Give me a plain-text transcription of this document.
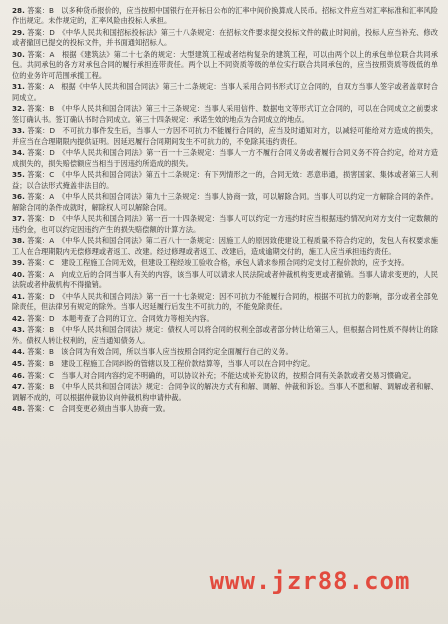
28. 答案：B　以多种货币报价的，应当按照中国银行在开标日公布的汇率中间价换算成人民币。招标文件应当对汇率标准和汇率风险作出规定。未作规定的，汇率风险由投标人承担。

29. 答案：D　《中华人民共和国招标投标法》第三十八条规定：在招标文件要求提交投标文件的截止时间前，投标人应当补充、修改或者撤回已提交的投标文件，并书面通知招标人。

30. 答案：A　根据《建筑法》第二十七条的规定：大型建筑工程或者结构复杂的建筑工程，可以由两个以上的承包单位联合共同承包。共同承包的各方对承包合同的履行承担连带责任。两个以上不同资质等级的单位实行联合共同承包的，应当按照资质等级低的单位的业务许可范围承揽工程。

31. 答案：A　根据《中华人民共和国合同法》第三十二条规定：当事人采用合同书形式订立合同的，自双方当事人签字或者盖章时合同成立。

32. 答案：B　《中华人民共和国合同法》第三十三条规定：当事人采用信件、数据电文等形式订立合同的，可以在合同成立之前要求签订确认书。签订确认书时合同成立。第三十四条规定：承诺生效的地点为合同成立的地点。

33. 答案：D　不可抗力事件发生后，当事人一方因不可抗力不能履行合同的，应当及时通知对方，以减轻可能给对方造成的损失，并应当在合理期限内提供证明。因延迟履行合同期间发生不可抗力的，不免除其违约责任。

34. 答案：D　《中华人民共和国合同法》第一百一十三条规定：当事人一方不履行合同义务或者履行合同义务不符合约定，给对方造成损失的，损失赔偿额应当相当于因违约所造成的损失。

35. 答案：C　《中华人民共和国合同法》第五十二条规定：有下列情形之一的，合同无效：恶意串通，损害国家、集体或者第三人利益；以合法形式掩盖非法目的。

36. 答案：A　《中华人民共和国合同法》第九十三条规定：当事人协商一致，可以解除合同。当事人可以约定一方解除合同的条件。解除合同的条件成就时，解除权人可以解除合同。

37. 答案：D　《中华人民共和国合同法》第一百一十四条规定：当事人可以约定一方违约时应当根据违约情况向对方支付一定数额的违约金，也可以约定因违约产生的损失赔偿额的计算方法。

38. 答案：A　《中华人民共和国合同法》第二百八十一条规定：因施工人的原因致使建设工程质量不符合约定的，发包人有权要求施工人在合理期限内无偿修理或者返工、改建。经过修理或者返工、改建后，造成逾期交付的，施工人应当承担违约责任。

39. 答案：C　建设工程施工合同无效，但建设工程经竣工验收合格，承包人请求参照合同约定支付工程价款的，应予支持。

40. 答案：A　向成立后的合同当事人有关的内容，该当事人可以请求人民法院或者仲裁机构变更或者撤销。当事人请求变更的，人民法院或者仲裁机构不得撤销。

41. 答案：D　《中华人民共和国合同法》第一百一十七条规定：因不可抗力不能履行合同的，根据不可抗力的影响，部分或者全部免除责任，但法律另有规定的除外。当事人迟延履行后发生不可抗力的，不能免除责任。

42. 答案：D　本题考查了合同的订立、合同效力等相关内容。

43. 答案：B　《中华人民共和国合同法》规定：债权人可以将合同的权利全部或者部分转让给第三人，但根据合同性质不得转让的除外。债权人转让权利的，应当通知债务人。

44. 答案：B　该合同为有效合同，所以当事人应当按照合同约定全面履行自己的义务。

45. 答案：B　建设工程施工合同纠纷的管辖以及工程价款结算等，当事人可以在合同中约定。

46. 答案：C　当事人对合同内容约定不明确的，可以协议补充；不能达成补充协议的，按照合同有关条款或者交易习惯确定。

47. 答案：B　《中华人民共和国合同法》规定：合同争议的解决方式有和解、调解、仲裁和诉讼。当事人不愿和解、调解或者和解、调解不成的，可以根据仲裁协议向仲裁机构申请仲裁。

48. 答案：C　合同变更必须由当事人协商一致。

www.jzr88.com
